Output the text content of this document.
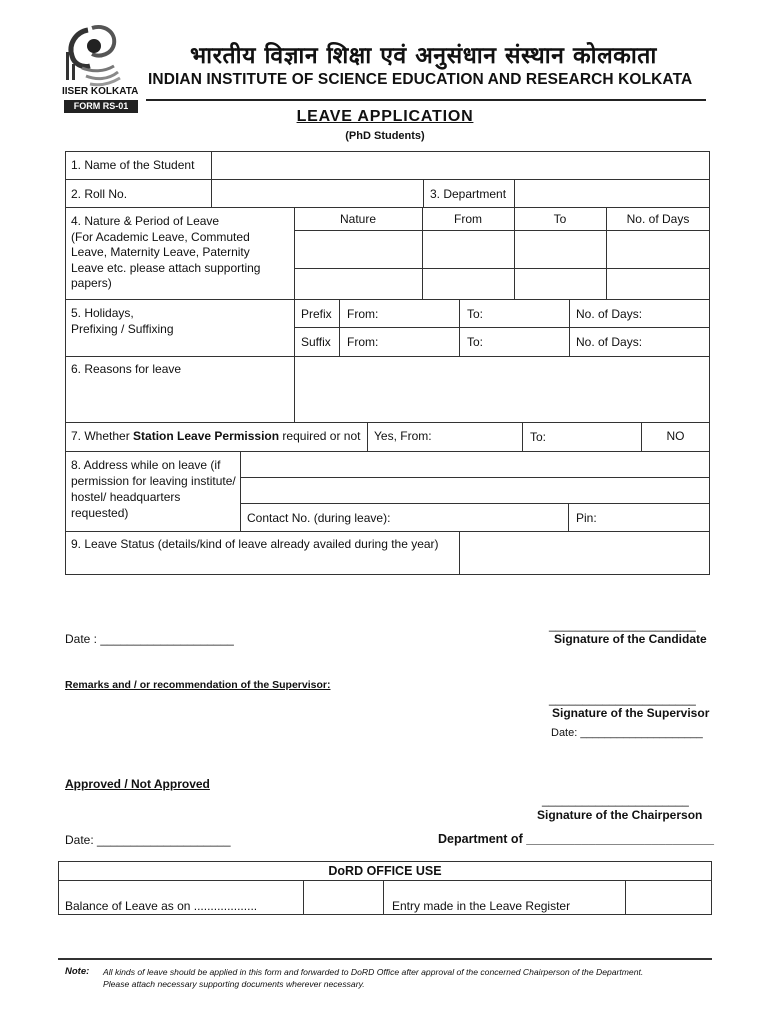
IISER KOLKATA
भारतीय विज्ञान शिक्षा एवं अनुसंधान संस्थान कोलकाता
INDIAN INSTITUTE OF SCIENCE EDUCATION AND RESEARCH KOLKATA
FORM RS-01
LEAVE APPLICATION
(PhD Students)
1. Name of the Student
2. Roll No.	3. Department
4. Nature & Period of Leave
(For Academic Leave, Commuted
Leave, Maternity Leave, Paternity
Leave etc. please attach supporting
papers)
Nature	From	To	No. of Days
5. Holidays,
Prefixing / Suffixing
Prefix From:	To:	No. of Days:
Suffix From:	To:	No. of Days:
6. Reasons for leave
7. Whether Station Leave Permission required or not Yes, From:	To:	NO
8. Address while on leave (if
permission for leaving institute/
hostel/ headquarters
requested)	Contact No. (during leave):	Pin:
9. Leave Status (details/kind of leave already availed during the year)
Date : ____________________
______________________
Signature of the Candidate
Remarks and / or recommendation of the Supervisor:
______________________
Signature of the Supervisor
Date: ____________________
Approved / Not Approved
______________________
Signature of the Chairperson
Date: ____________________	Department of ___________________________
DoRD OFFICE USE
Balance of Leave as on ...................	Entry made in the Leave Register
Note: All kinds of leave should be applied in this form and forwarded to DoRD Office after approval of the concerned Chairperson of the Department.
Please attach necessary supporting documents wherever necessary.
